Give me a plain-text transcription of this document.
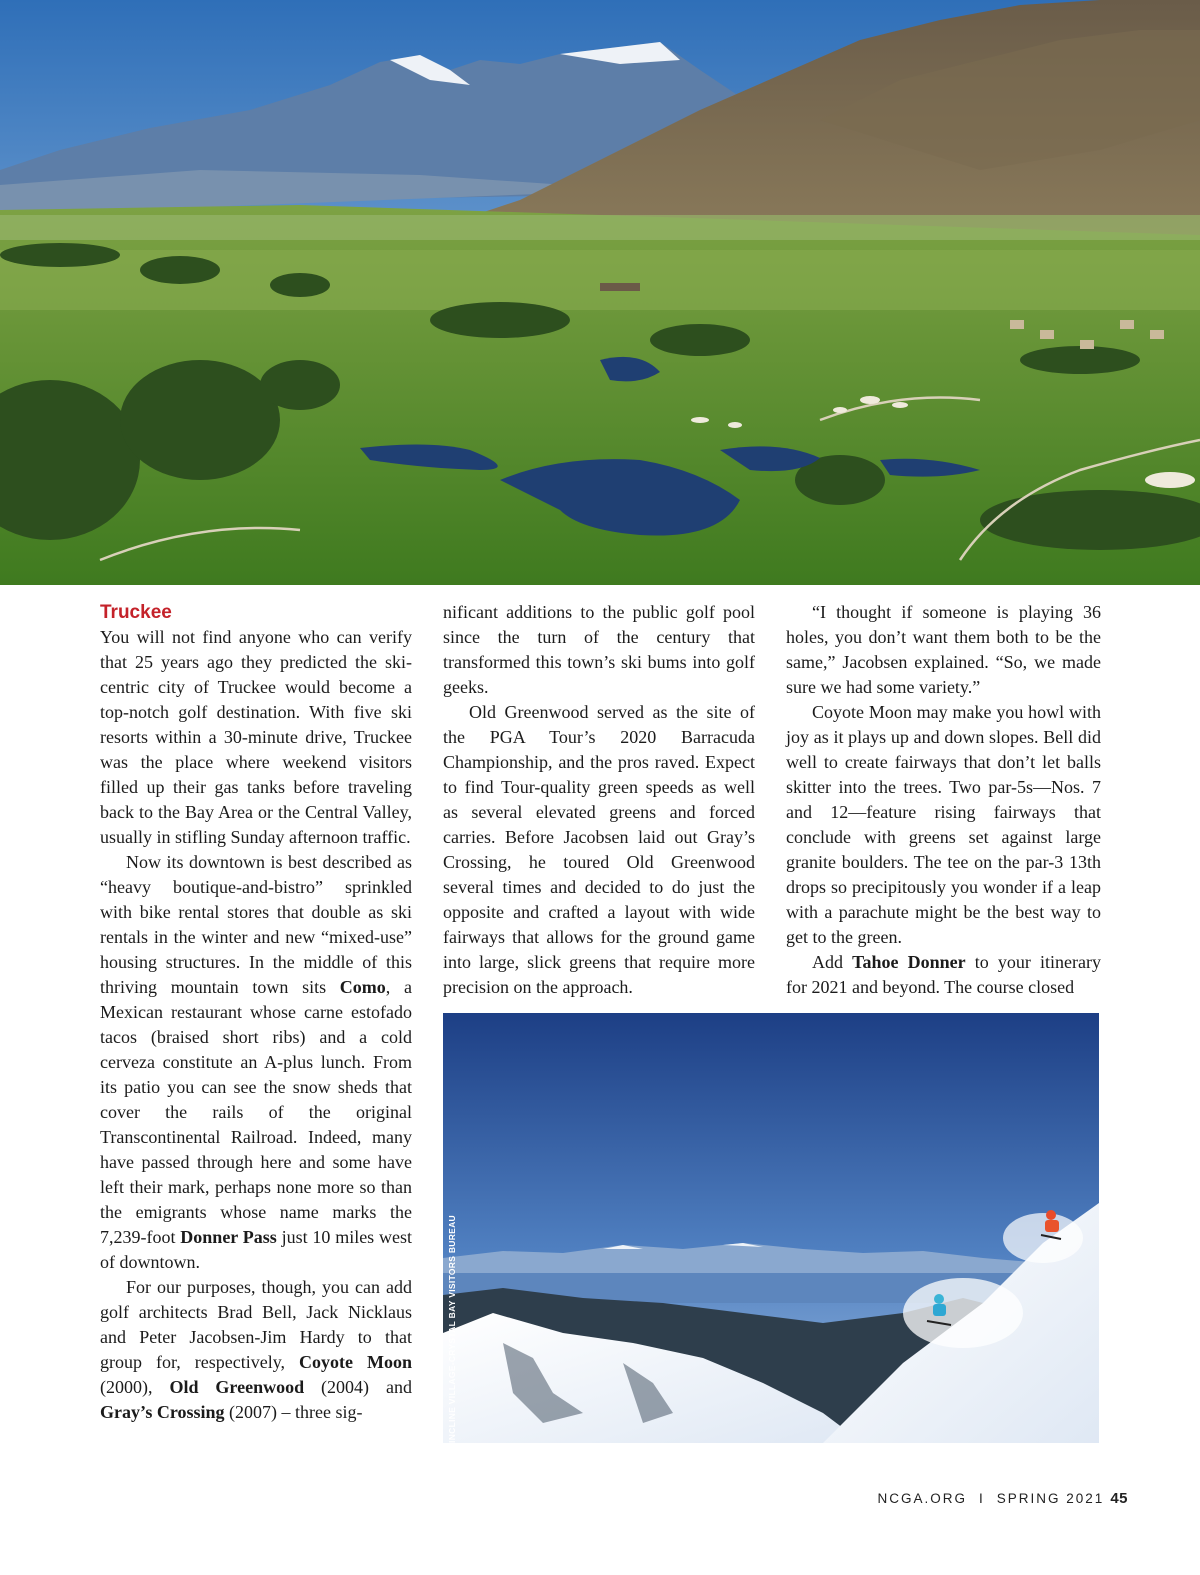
Truckee

You will not find anyone who can verify that 25 years ago they predicted the ski-centric city of Truckee would become a top-notch golf destination. With five ski resorts within a 30-minute drive, Truckee was the place where weekend visitors filled up their gas tanks before traveling back to the Bay Area or the Central Valley, usually in stifling Sunday afternoon traffic.

Now its downtown is best described as “heavy boutique-and-bistro” sprinkled with bike rental stores that double as ski rentals in the winter and new “mixed-use” housing structures. In the middle of this thriving mountain town sits Como, a Mexican restaurant whose carne estofado tacos (braised short ribs) and a cold cerveza constitute an A-plus lunch. From its patio you can see the snow sheds that cover the rails of the original Transcontinental Railroad. Indeed, many have passed through here and some have left their mark, perhaps none more so than the emigrants whose name marks the 7,239-foot Donner Pass just 10 miles west of downtown.

For our purposes, though, you can add golf architects Brad Bell, Jack Nicklaus and Peter Jacobsen-Jim Hardy to that group for, respectively, Coyote Moon (2000), Old Greenwood (2004) and Gray’s Crossing (2007) – three sig-

nificant additions to the public golf pool since the turn of the century that transformed this town’s ski bums into golf geeks.

Old Greenwood served as the site of the PGA Tour’s 2020 Barracuda Championship, and the pros raved. Expect to find Tour-quality green speeds as well as several elevated greens and forced carries. Before Jacobsen laid out Gray’s Crossing, he toured Old Greenwood several times and decided to do just the opposite and crafted a layout with wide fairways that allows for the ground game into large, slick greens that require more precision on the approach.

“I thought if someone is playing 36 holes, you don’t want them both to be the same,” Jacobsen explained. “So, we made sure we had some variety.”

Coyote Moon may make you howl with joy as it plays up and down slopes. Bell did well to create fairways that don’t let balls skitter into the trees. Two par-5s—Nos. 7 and 12—feature rising fairways that conclude with greens set against large granite boulders. The tee on the par-3 13th drops so precipitously you wonder if a leap with a parachute might be the best way to get to the green.

Add Tahoe Donner to your itinerary for 2021 and beyond. The course closed

INCLINE VILLAGE-CRYSTAL BAY VISITORS BUREAU
NCGA.ORG I SPRING 2021 45
